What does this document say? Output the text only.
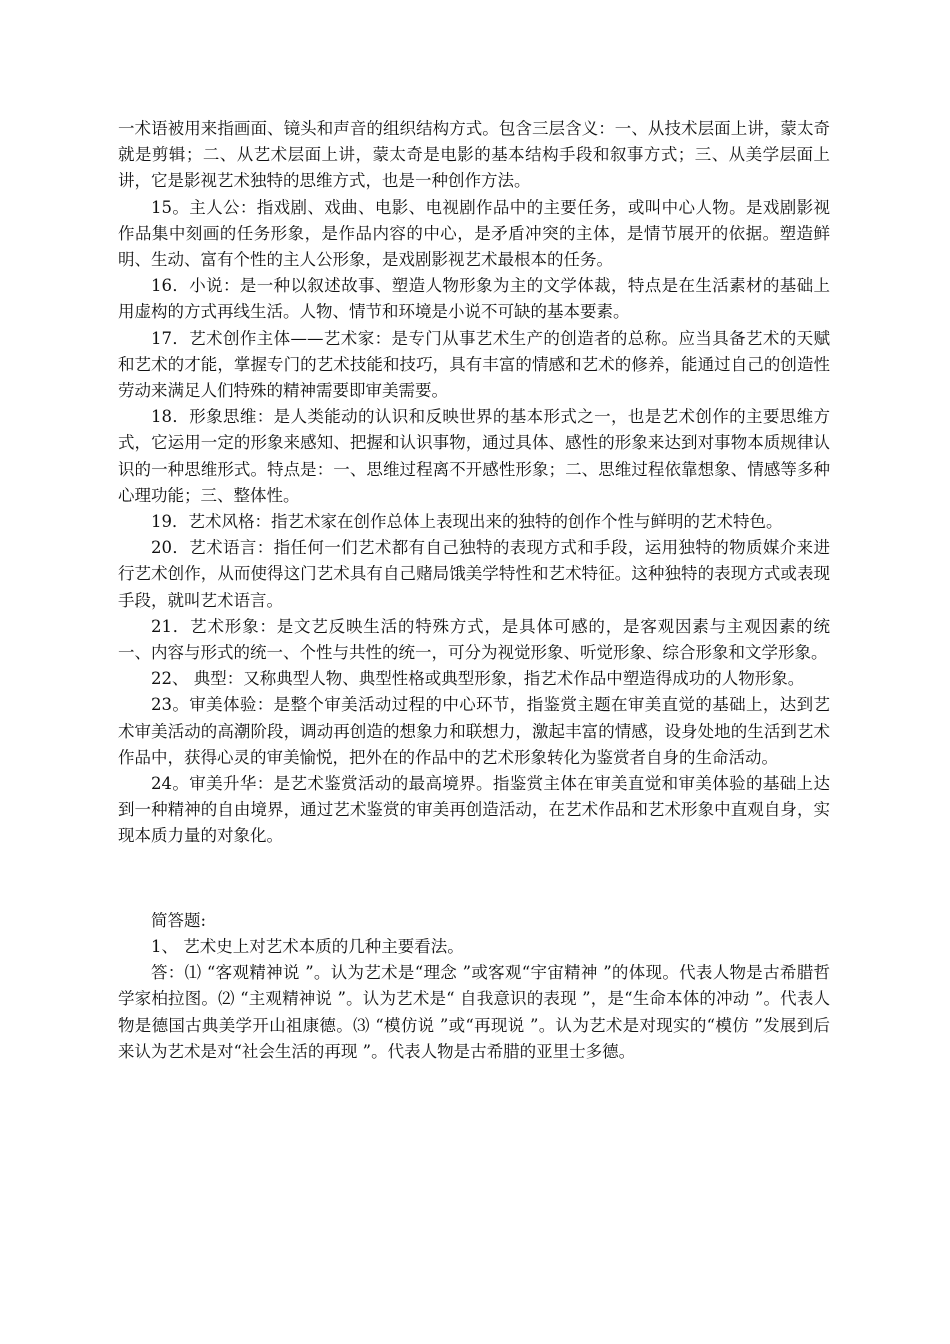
一术语被用来指画面、镜头和声音的组织结构方式。包含三层含义：一、从技术层面上讲，蒙太奇就是剪辑；二、从艺术层面上讲，蒙太奇是电影的基本结构手段和叙事方式；三、从美学层面上讲，它是影视艺术独特的思维方式，也是一种创作方法。

15。主人公：指戏剧、戏曲、电影、电视剧作品中的主要任务，或叫中心人物。是戏剧影视作品集中刻画的任务形象，是作品内容的中心，是矛盾冲突的主体，是情节展开的依据。塑造鲜明、生动、富有个性的主人公形象，是戏剧影视艺术最根本的任务。

16．小说：是一种以叙述故事、塑造人物形象为主的文学体裁，特点是在生活素材的基础上用虚构的方式再线生活。人物、情节和环境是小说不可缺的基本要素。

17．艺术创作主体——艺术家：是专门从事艺术生产的创造者的总称。应当具备艺术的天赋和艺术的才能，掌握专门的艺术技能和技巧，具有丰富的情感和艺术的修养，能通过自己的创造性劳动来满足人们特殊的精神需要即审美需要。

18．形象思维：是人类能动的认识和反映世界的基本形式之一，也是艺术创作的主要思维方式，它运用一定的形象来感知、把握和认识事物，通过具体、感性的形象来达到对事物本质规律认识的一种思维形式。特点是：一、思维过程离不开感性形象；二、思维过程依靠想象、情感等多种心理功能；三、整体性。

19．艺术风格：指艺术家在创作总体上表现出来的独特的创作个性与鲜明的艺术特色。

20．艺术语言：指任何一们艺术都有自己独特的表现方式和手段，运用独特的物质媒介来进行艺术创作，从而使得这门艺术具有自己赌局饿美学特性和艺术特征。这种独特的表现方式或表现手段，就叫艺术语言。

21．艺术形象：是文艺反映生活的特殊方式，是具体可感的，是客观因素与主观因素的统一、内容与形式的统一、个性与共性的统一，可分为视觉形象、听觉形象、综合形象和文学形象。

22、 典型：又称典型人物、典型性格或典型形象，指艺术作品中塑造得成功的人物形象。

23。审美体验：是整个审美活动过程的中心环节，指鉴赏主题在审美直觉的基础上，达到艺术审美活动的高潮阶段，调动再创造的想象力和联想力，激起丰富的情感，设身处地的生活到艺术作品中，获得心灵的审美愉悦，把外在的作品中的艺术形象转化为鉴赏者自身的生命活动。

24。审美升华：是艺术鉴赏活动的最高境界。指鉴赏主体在审美直觉和审美体验的基础上达到一种精神的自由境界，通过艺术鉴赏的审美再创造活动，在艺术作品和艺术形象中直观自身，实现本质力量的对象化。

简答题:

1、 艺术史上对艺术本质的几种主要看法。

答：⑴ “客观精神说 ”。认为艺术是“理念 ”或客观“宇宙精神 ”的体现。代表人物是古希腊哲学家柏拉图。⑵ “主观精神说 ”。认为艺术是“ 自我意识的表现 ”，是“生命本体的冲动 ”。代表人物是德国古典美学开山祖康德。⑶ “模仿说 ”或“再现说 ”。认为艺术是对现实的“模仿 ”发展到后来认为艺术是对“社会生活的再现 ”。代表人物是古希腊的亚里士多德。
